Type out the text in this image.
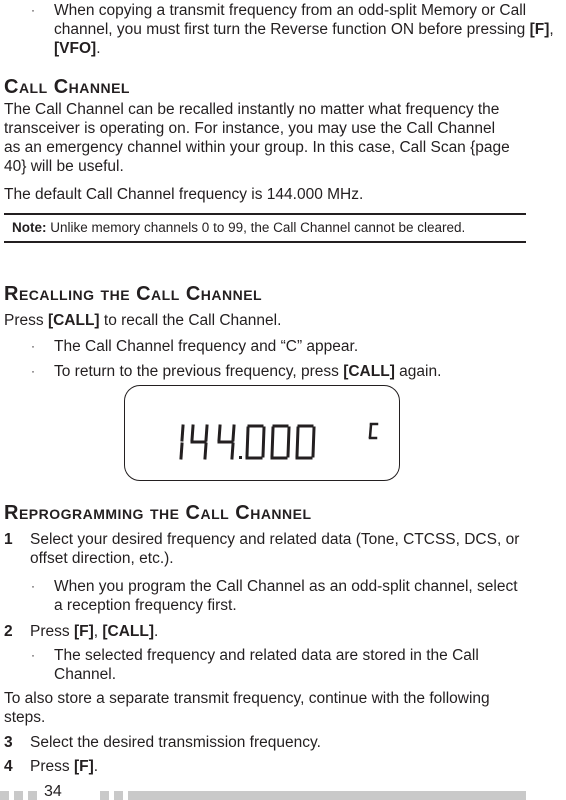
· When copying a transmit frequency from an odd-split Memory or Call channel, you must first turn the Reverse function ON before pressing [F], [VFO].
Call Channel

The Call Channel can be recalled instantly no matter what frequency the transceiver is operating on. For instance, you may use the Call Channel as an emergency channel within your group. In this case, Call Scan {page 40} will be useful.

The default Call Channel frequency is 144.000 MHz.

Note: Unlike memory channels 0 to 99, the Call Channel cannot be cleared.
Recalling the Call Channel

Press [CALL] to recall the Call Channel.

· The Call Channel frequency and “C” appear.
· To return to the previous frequency, press [CALL] again.
Reprogramming the Call Channel
1 Select your desired frequency and related data (Tone, CTCSS, DCS, or offset direction, etc.).
· When you program the Call Channel as an odd-split channel, select a reception frequency first.
2 Press [F], [CALL].
· The selected frequency and related data are stored in the Call Channel.

To also store a separate transmit frequency, continue with the following steps.

3 Select the desired transmission frequency.
4 Press [F].
34
